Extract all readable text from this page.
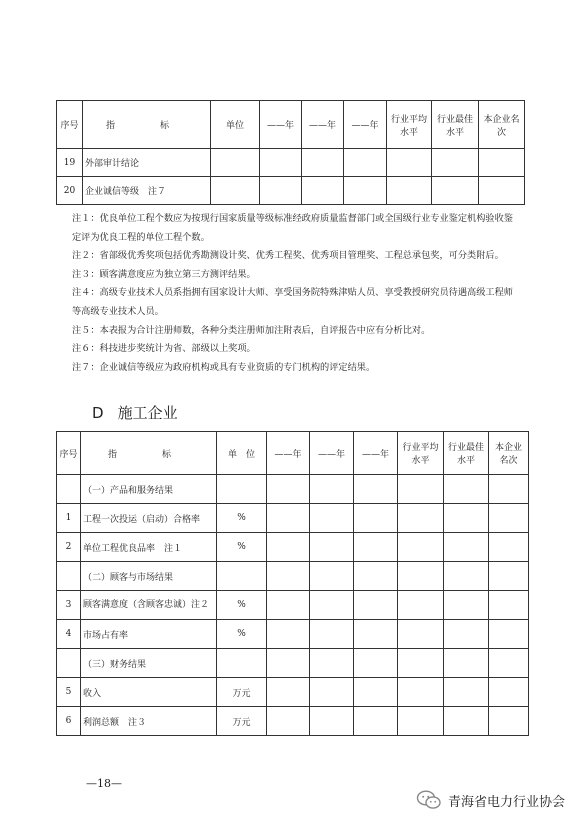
序号	指　标	单位	——年	——年	——年	行业平均水平	行业最佳水平	本企业名次
19	外部审计结论							
20	企业诚信等级　注７							

注１：优良单位工程个数应为按现行国家质量等级标准经政府质量监督部门或全国级行业专业鉴定机构验收鉴定评为优良工程的单位工程个数。

注２：省部级优秀奖项包括优秀勘测设计奖、优秀工程奖、优秀项目管理奖、工程总承包奖，可分类附后。

注３：顾客满意度应为独立第三方测评结果。

注４：高级专业技术人员系指拥有国家设计大师、享受国务院特殊津贴人员、享受教授研究员待遇高级工程师等高级专业技术人员。

注５：本表报为合计注册师数，各种分类注册师加注附表后，自评报告中应有分析比对。

注６：科技进步奖统计为省、部级以上奖项。

注７：企业诚信等级应为政府机构或具有专业资质的专门机构的评定结果。

D 施工企业
序号	指　标	单　位	——年	——年	——年	行业平均水平	行业最佳水平	本企业名次
	（一）产品和服务结果							
1	工程一次投运（启动）合格率	%						
2	单位工程优良品率　注１	%						
	（二）顾客与市场结果							
3	顾客满意度（含顾客忠诚）注２	%						
4	市场占有率	%						
	（三）财务结果							
5	收入	万元						
6	利润总额　注３	万元						
—18—
青海省电力行业协会
